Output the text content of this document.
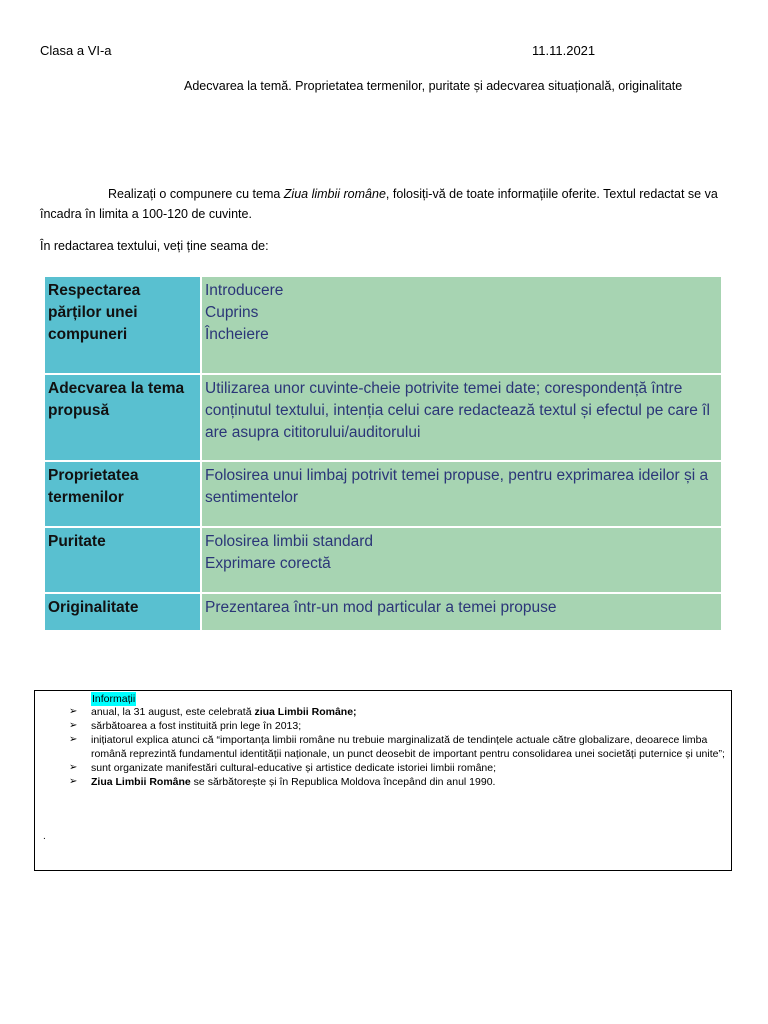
Clasa a VI-a	11.11.2021
Adecvarea la temă. Proprietatea termenilor, puritate și adecvarea situațională, originalitate
Realizați o compunere cu tema Ziua limbii române, folosiți-vă de toate informațiile oferite. Textul redactat se va încadra în limita a 100-120 de cuvinte.
În redactarea textului, veți ține seama de:
Respectarea părților unei compuneri	Introducere
Cuprins
Încheiere

Adecvarea la tema propusă	Utilizarea unor cuvinte-cheie potrivite temei date; corespondență între conținutul textului, intenția celui care redactează textul și efectul pe care îl are asupra cititorului/auditorului

Proprietatea termenilor	Folosirea unui limbaj potrivit temei propuse, pentru exprimarea ideilor și a sentimentelor

Puritate	Folosirea limbii standard
Exprimare corectă

Originalitate	Prezentarea într-un mod particular a temei propuse
Informații
➢ anual, la 31 august, este celebrată ziua Limbii Române;
➢ sărbătoarea a fost instituită prin lege în 2013;
➢ inițiatorul explica atunci că “importanța limbii române nu trebuie marginalizată de tendințele actuale către globalizare, deoarece limba română reprezintă fundamentul identității naționale, un punct deosebit de important pentru consolidarea unei societăți puternice și unite”;
➢ sunt organizate manifestări cultural-educative și artistice dedicate istoriei limbii române;
➢ Ziua Limbii Române se sărbătorește și în Republica Moldova începând din anul 1990.
.
